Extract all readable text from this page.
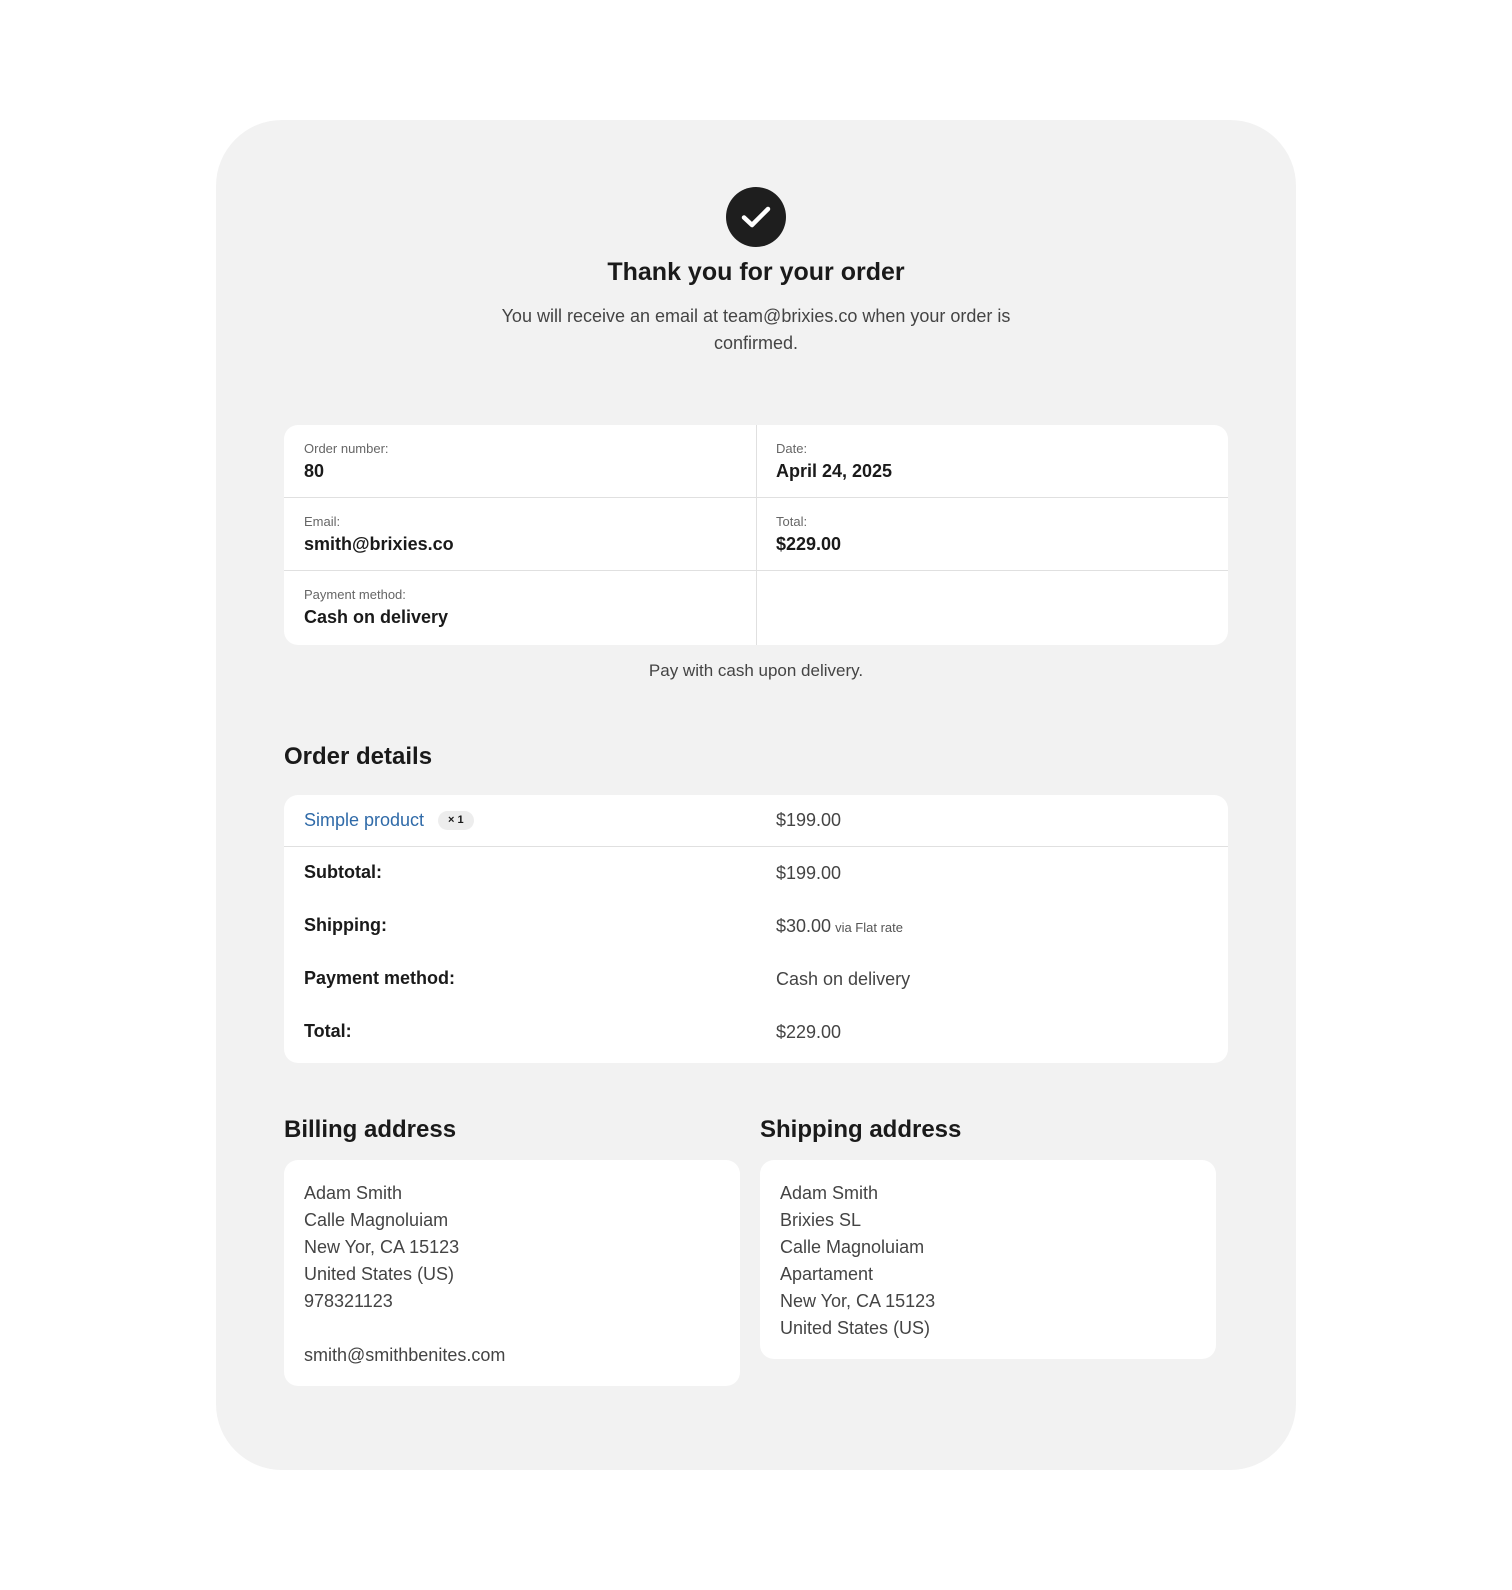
Thank you for your order
You will receive an email at team@brixies.co when your order is confirmed.
Order number:
80
Date:
April 24, 2025
Email:
smith@brixies.co
Total:
$229.00
Payment method:
Cash on delivery
Pay with cash upon delivery.
Order details
Simple product	× 1	$199.00
Subtotal:	$199.00
Shipping:	$30.00 via Flat rate
Payment method:	Cash on delivery
Total:	$229.00
Billing address
Adam Smith
Calle Magnoluiam
New Yor, CA 15123
United States (US)
978321123
smith@smithbenites.com
Shipping address
Adam Smith
Brixies SL
Calle Magnoluiam
Apartament
New Yor, CA 15123
United States (US)
